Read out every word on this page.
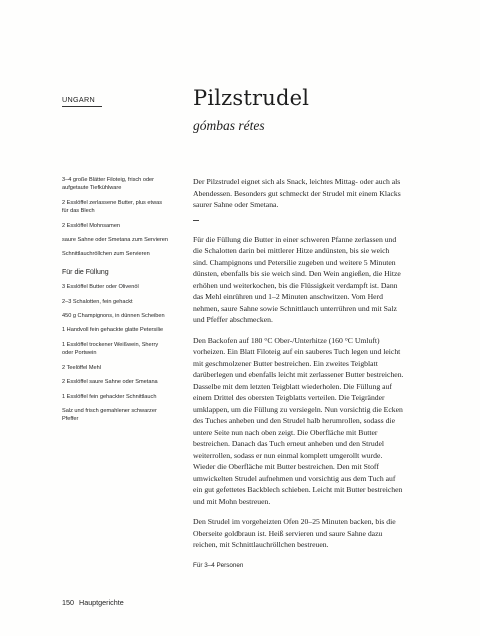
UNGARN	Pilzstrudel
gómbas rétes
3–4 große Blätter Filoteig, frisch oder aufgetaute Tiefkühlware
2 Esslöffel zerlassene Butter, plus etwas für das Blech
2 Esslöffel Mohnsamen
saure Sahne oder Smetana zum Servieren
Schnittlauchröllchen zum Servieren
Für die Füllung
3 Esslöffel Butter oder Olivenöl
2–3 Schalotten, fein gehackt
450 g Champignons, in dünnen Scheiben
1 Handvoll fein gehackte glatte Petersilie
1 Esslöffel trockener Weißwein, Sherry oder Portwein
2 Teelöffel Mehl
2 Esslöffel saure Sahne oder Smetana
1 Esslöffel fein gehackter Schnittlauch
Salz und frisch gemahlener schwarzer Pfeffer

Der Pilzstrudel eignet sich als Snack, leichtes Mittag- oder auch als Abendessen. Besonders gut schmeckt der Strudel mit einem Klacks saurer Sahne oder Smetana.

Für die Füllung die Butter in einer schweren Pfanne zerlassen und die Schalotten darin bei mittlerer Hitze andünsten, bis sie weich sind. Champignons und Petersilie zugeben und weitere 5 Minuten dünsten, ebenfalls bis sie weich sind. Den Wein angießen, die Hitze erhöhen und weiterkochen, bis die Flüssigkeit verdampft ist. Dann das Mehl einrühren und 1–2 Minuten anschwitzen. Vom Herd nehmen, saure Sahne sowie Schnittlauch unterrühren und mit Salz und Pfeffer abschmecken.

Den Backofen auf 180 °C Ober-/Unterhitze (160 °C Umluft) vorheizen. Ein Blatt Filoteig auf ein sauberes Tuch legen und leicht mit geschmolzener Butter bestreichen. Ein zweites Teigblatt darüberlegen und ebenfalls leicht mit zerlassener Butter bestreichen. Dasselbe mit dem letzten Teigblatt wiederholen. Die Füllung auf einem Drittel des obersten Teigblatts verteilen. Die Teigränder umklappen, um die Füllung zu versiegeln. Nun vorsichtig die Ecken des Tuches anheben und den Strudel halb herumrollen, sodass die untere Seite nun nach oben zeigt. Die Oberfläche mit Butter bestreichen. Danach das Tuch erneut anheben und den Strudel weiterrollen, sodass er nun einmal komplett umgerollt wurde. Wieder die Oberfläche mit Butter bestreichen. Den mit Stoff umwickelten Strudel aufnehmen und vorsichtig aus dem Tuch auf ein gut gefettetes Backblech schieben. Leicht mit Butter bestreichen und mit Mohn bestreuen.

Den Strudel im vorgeheizten Ofen 20–25 Minuten backen, bis die Oberseite goldbraun ist. Heiß servieren und saure Sahne dazu reichen, mit Schnittlauchröllchen bestreuen.

Für 3–4 Personen
150 Hauptgerichte
